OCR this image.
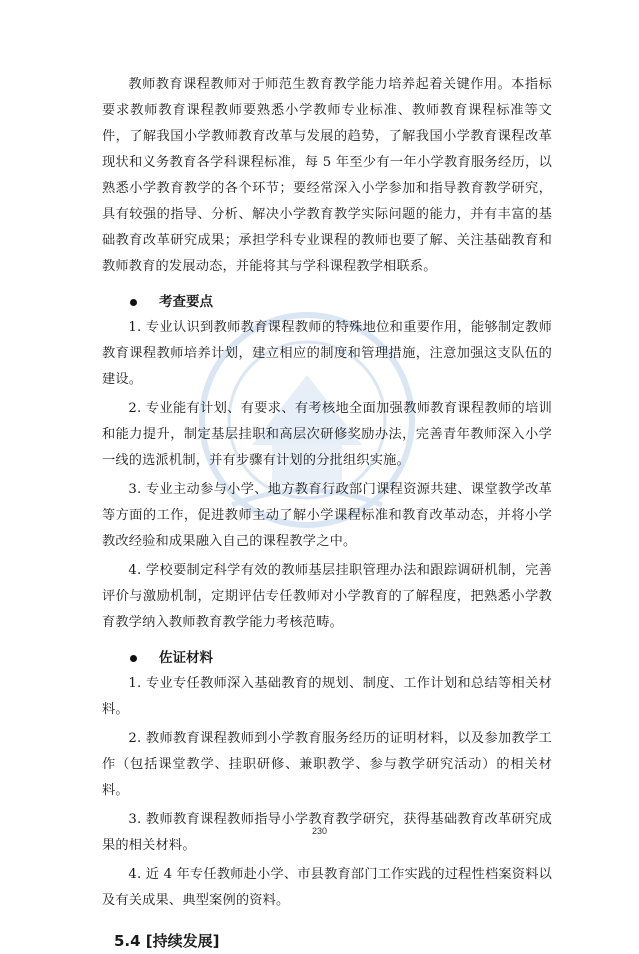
教师教育课程教师对于师范生教育教学能力培养起着关键作用。本指标要求教师教育课程教师要熟悉小学教师专业标准、教师教育课程标准等文件，了解我国小学教师教育改革与发展的趋势，了解我国小学教育课程改革现状和义务教育各学科课程标准，每 5 年至少有一年小学教育服务经历，以熟悉小学教育教学的各个环节；要经常深入小学参加和指导教育教学研究，具有较强的指导、分析、解决小学教育教学实际问题的能力，并有丰富的基础教育改革研究成果；承担学科专业课程的教师也要了解、关注基础教育和教师教育的发展动态，并能将其与学科课程教学相联系。

考查要点

1. 专业认识到教师教育课程教师的特殊地位和重要作用，能够制定教师教育课程教师培养计划，建立相应的制度和管理措施，注意加强这支队伍的建设。

2. 专业能有计划、有要求、有考核地全面加强教师教育课程教师的培训和能力提升，制定基层挂职和高层次研修奖励办法，完善青年教师深入小学一线的选派机制，并有步骤有计划的分批组织实施。

3. 专业主动参与小学、地方教育行政部门课程资源共建、课堂教学改革等方面的工作，促进教师主动了解小学课程标准和教育改革动态，并将小学教改经验和成果融入自己的课程教学之中。

4. 学校要制定科学有效的教师基层挂职管理办法和跟踪调研机制，完善评价与激励机制，定期评估专任教师对小学教育的了解程度，把熟悉小学教育教学纳入教师教育教学能力考核范畴。

佐证材料

1. 专业专任教师深入基础教育的规划、制度、工作计划和总结等相关材料。

2. 教师教育课程教师到小学教育服务经历的证明材料，以及参加教学工作（包括课堂教学、挂职研修、兼职教学、参与教学研究活动）的相关材料。

3. 教师教育课程教师指导小学教育教学研究，获得基础教育改革研究成果的相关材料。

4. 近 4 年专任教师赴小学、市县教育部门工作实践的过程性档案资料以及有关成果、典型案例的资料。

5.4 [持续发展]
230
